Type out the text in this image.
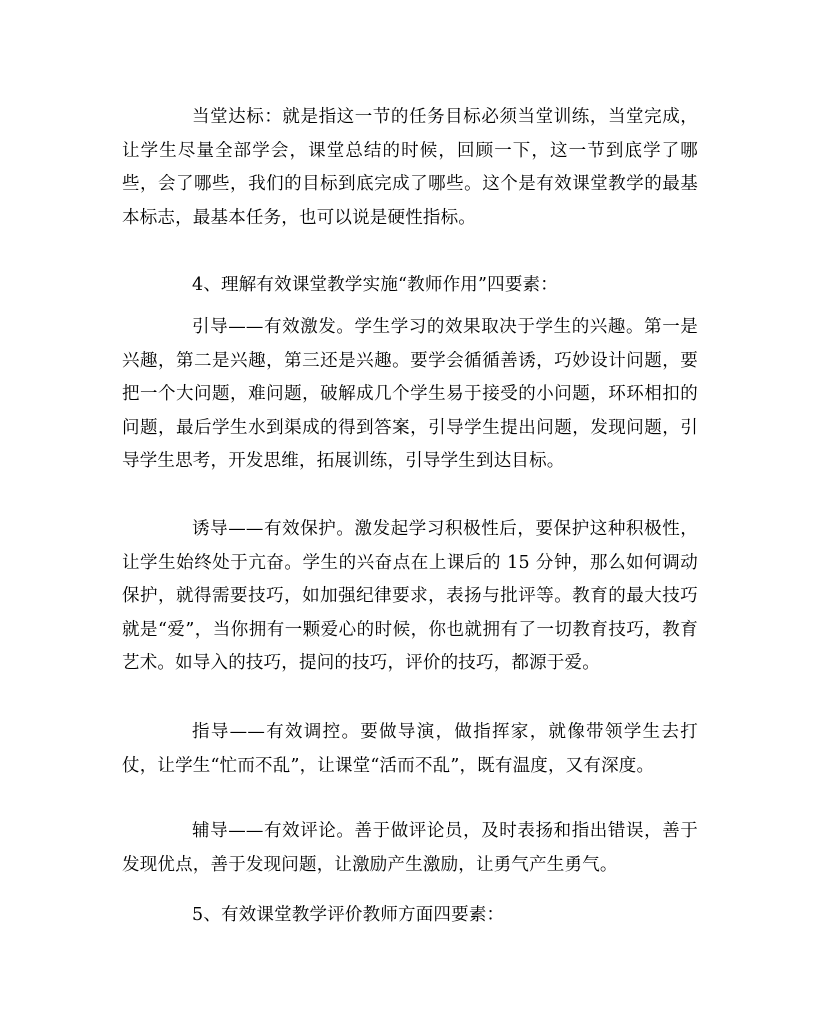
当堂达标：就是指这一节的任务目标必须当堂训练，当堂完成，让学生尽量全部学会，课堂总结的时候，回顾一下，这一节到底学了哪些，会了哪些，我们的目标到底完成了哪些。这个是有效课堂教学的最基本标志，最基本任务，也可以说是硬性指标。

4、理解有效课堂教学实施“教师作用”四要素：

引导——有效激发。学生学习的效果取决于学生的兴趣。第一是兴趣，第二是兴趣，第三还是兴趣。要学会循循善诱，巧妙设计问题，要把一个大问题，难问题，破解成几个学生易于接受的小问题，环环相扣的问题，最后学生水到渠成的得到答案，引导学生提出问题，发现问题，引导学生思考，开发思维，拓展训练，引导学生到达目标。

诱导——有效保护。激发起学习积极性后，要保护这种积极性，让学生始终处于亢奋。学生的兴奋点在上课后的 15 分钟，那么如何调动保护，就得需要技巧，如加强纪律要求，表扬与批评等。教育的最大技巧就是“爱”，当你拥有一颗爱心的时候，你也就拥有了一切教育技巧，教育艺术。如导入的技巧，提问的技巧，评价的技巧，都源于爱。

指导——有效调控。要做导演，做指挥家，就像带领学生去打仗，让学生“忙而不乱”，让课堂“活而不乱”，既有温度，又有深度。

辅导——有效评论。善于做评论员，及时表扬和指出错误，善于发现优点，善于发现问题，让激励产生激励，让勇气产生勇气。

5、有效课堂教学评价教师方面四要素：
